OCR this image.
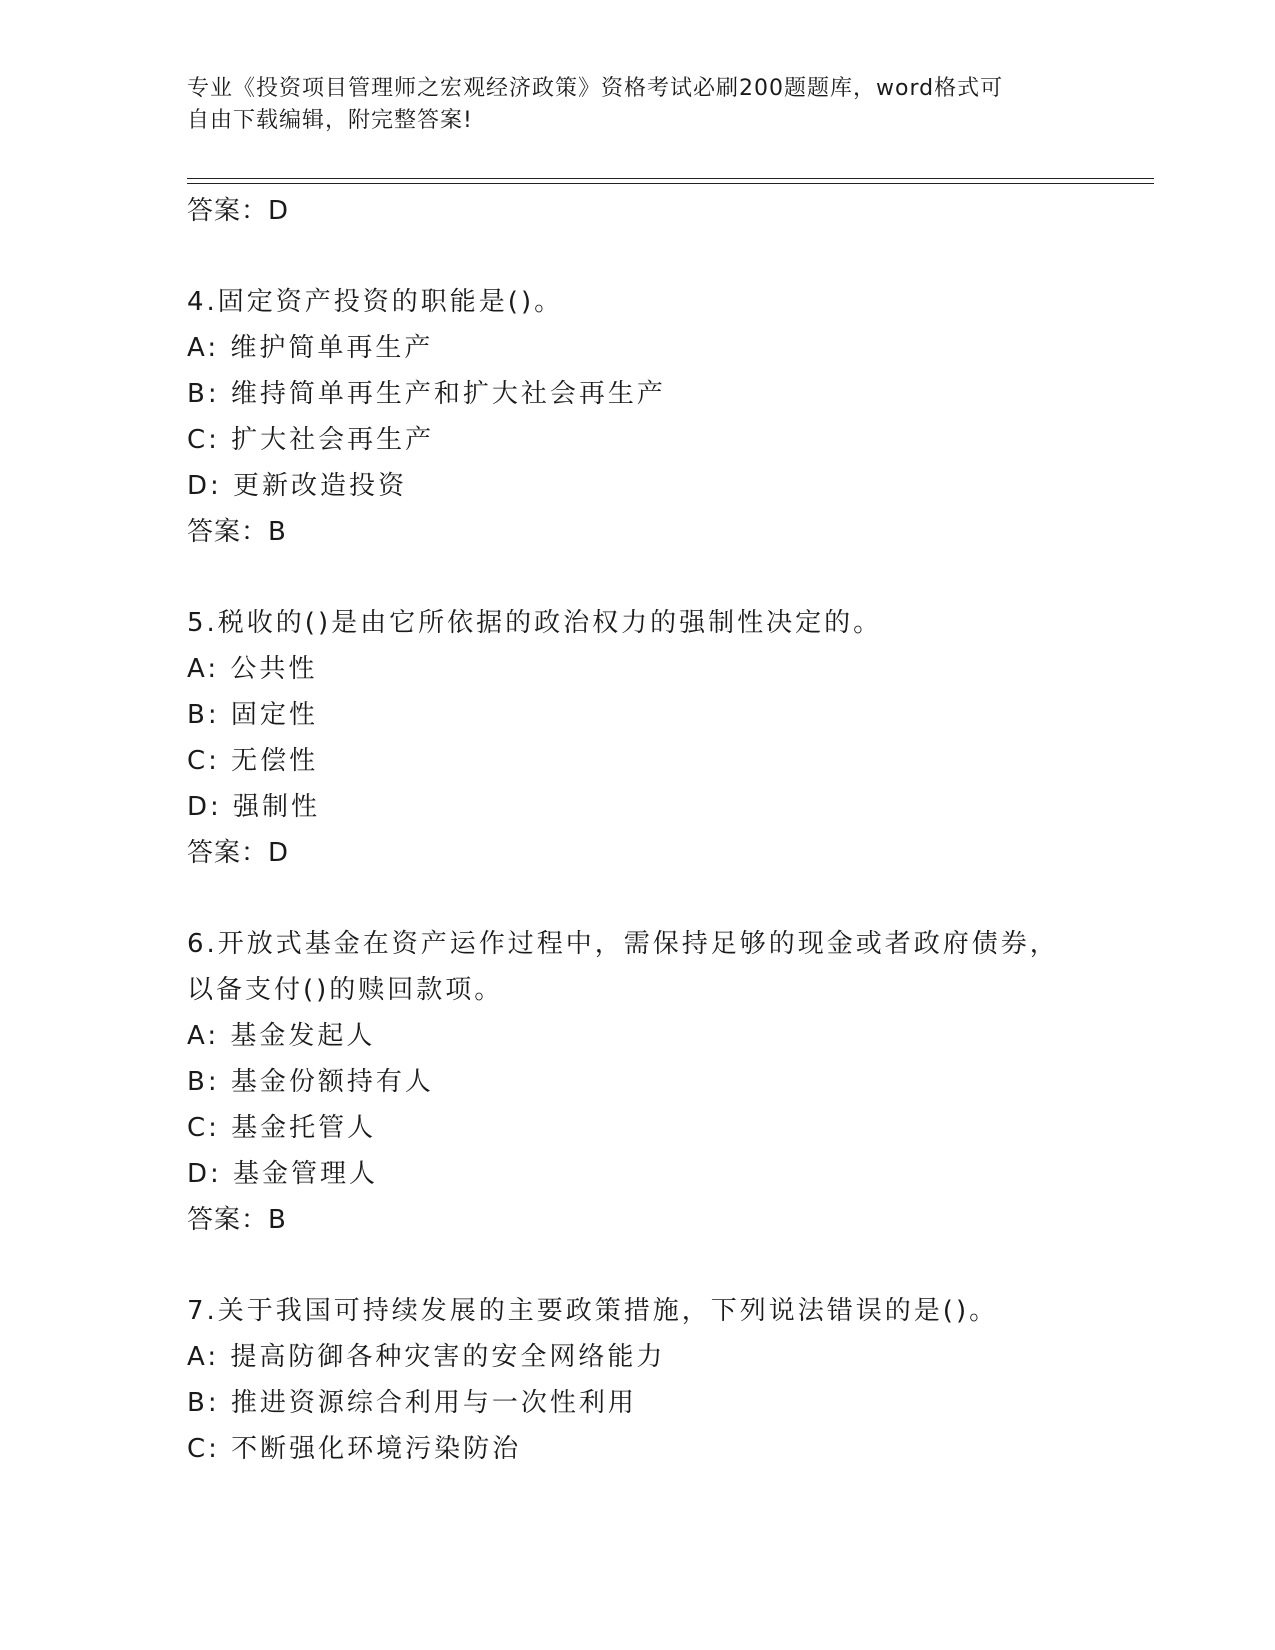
专业《投资项目管理师之宏观经济政策》资格考试必刷200题题库，word格式可
自由下载编辑，附完整答案!
答案：D
4.固定资产投资的职能是()。
A: 维护简单再生产
B: 维持简单再生产和扩大社会再生产
C: 扩大社会再生产
D: 更新改造投资
答案：B
5.税收的()是由它所依据的政治权力的强制性决定的。
A: 公共性
B: 固定性
C: 无偿性
D: 强制性
答案：D
6.开放式基金在资产运作过程中，需保持足够的现金或者政府债券，
以备支付()的赎回款项。
A: 基金发起人
B: 基金份额持有人
C: 基金托管人
D: 基金管理人
答案：B
7.关于我国可持续发展的主要政策措施，下列说法错误的是()。
A: 提高防御各种灾害的安全网络能力
B: 推进资源综合利用与一次性利用
C: 不断强化环境污染防治
